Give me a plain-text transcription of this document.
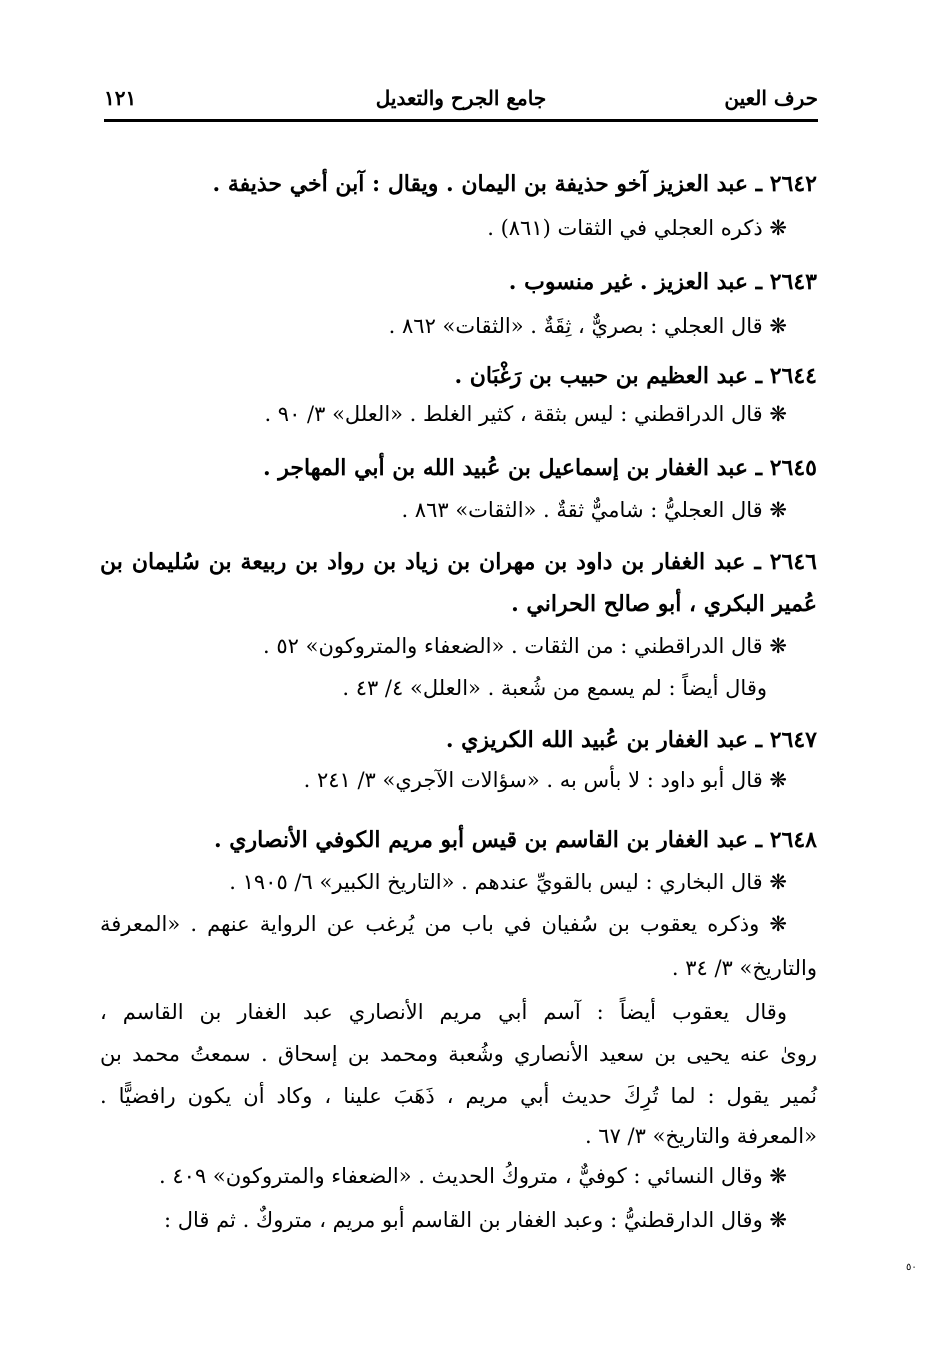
١٢١	جامع الجرح والتعديل	حرف العين
٢٦٤٢ ـ عبد العزيز آخو حذيفة بن اليمان . ويقال : آبن أخي حذيفة .
❋ ذكره العجلي في الثقات (٨٦١) .
٢٦٤٣ ـ عبد العزيز . غير منسوب .
❋ قال العجلي : بصريٌّ ، ثِقَةٌ . «الثقات» ٨٦٢ .
٢٦٤٤ ـ عبد العظيم بن حبيب بن رَغْبَان .
❋ قال الدراقطني : ليس بثقة ، كثير الغلط . «العلل» ٣/ ٩٠ .
٢٦٤٥ ـ عبد الغفار بن إسماعيل بن عُبيد الله بن أبي المهاجر .
❋ قال العجليُّ : شاميٌّ ثقةٌ . «الثقات» ٨٦٣ .
٢٦٤٦ ـ عبد الغفار بن داود بن مهران بن زياد بن رواد بن ربيعة بن سُليمان بن
عُمير البكري ، أبو صالح الحراني .
❋ قال الدراقطني : من الثقات . «الضعفاء والمتروكون» ٥٢ .
وقال أيضاً : لم يسمع من شُعبة . «العلل» ٤/ ٤٣ .
٢٦٤٧ ـ عبد الغفار بن عُبيد الله الكريزي .
❋ قال أبو داود : لا بأس به . «سؤالات الآجري» ٣/ ٢٤١ .
٢٦٤٨ ـ عبد الغفار بن القاسم بن قيس أبو مريم الكوفي الأنصاري .
❋ قال البخاري : ليس بالقويِّ عندهم . «التاريخ الكبير» ٦/ ١٩٠٥ .
❋ وذكره يعقوب بن سُفيان في باب من يُرغب عن الرواية عنهم . «المعرفة
والتاريخ» ٣/ ٣٤ .
وقال يعقوب أيضاً : آسم أبي مريم الأنصاري عبد الغفار بن القاسم ،
روىٰ عنه يحيى بن سعيد الأنصاري وشُعبة ومحمد بن إسحاق . سمعتُ محمد بن
نُمير يقول : لما تُرِكَ حديث أبي مريم ، ذَهَبَ علينا ، وكاد أن يكون رافضيًّا .
«المعرفة والتاريخ» ٣/ ٦٧ .
❋ وقال النسائي : كوفيٌّ ، متروكُ الحديث . «الضعفاء والمتروكون» ٤٠٩ .
❋ وقال الدارقطنيُّ : وعبد الغفار بن القاسم أبو مريم ، متروكٌ . ثم قال :
٥٠
